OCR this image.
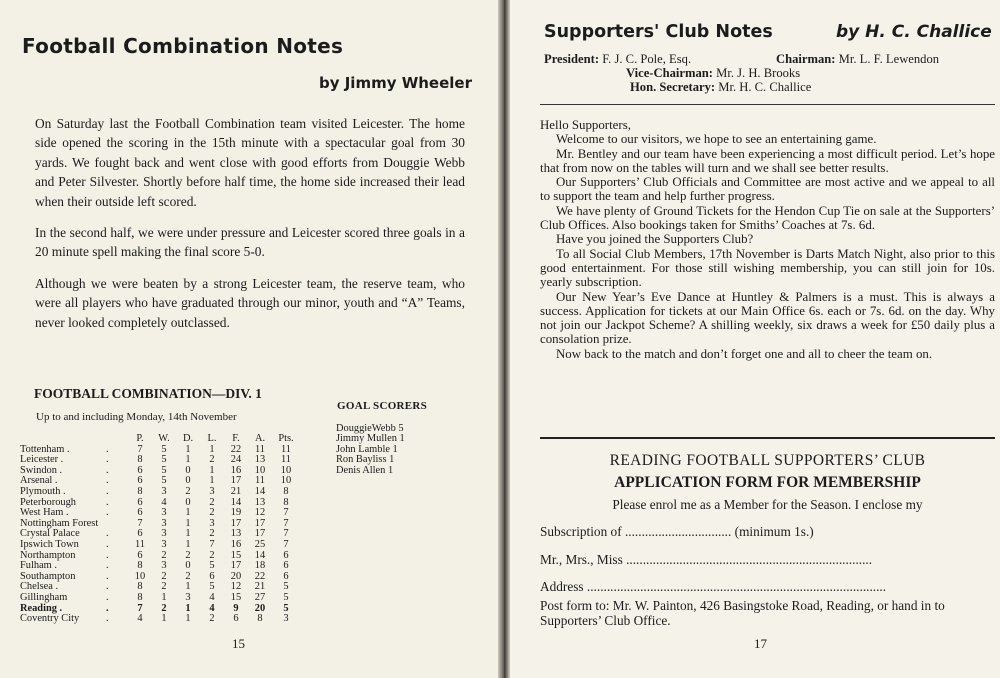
Football Combination Notes
by Jimmy Wheeler

On Saturday last the Football Combination team visited Leicester. The home side opened the scoring in the 15th minute with a spectacular goal from 30 yards. We fought back and went close with good efforts from Douggie Webb and Peter Silvester. Shortly before half time, the home side increased their lead when their outside left scored.

In the second half, we were under pressure and Leicester scored three goals in a 20 minute spell making the final score 5-0.

Although we were beaten by a strong Leicester team, the reserve team, who were all players who have graduated through our minor, youth and “A” Teams, never looked completely outclassed.

FOOTBALL COMBINATION—DIV. 1
Up to and including Monday, 14th November
		P.	W.	D.	L.	F.	A.	Pts.
Tottenham .	.	7	5	1	1	22	11	11
Leicester .	.	8	5	1	2	24	13	11
Swindon .	.	6	5	0	1	16	10	10
Arsenal .	.	6	5	0	1	17	11	10
Plymouth .	.	8	3	2	3	21	14	8
Peterborough	.	6	4	0	2	14	13	8
West Ham .	.	6	3	1	2	19	12	7
Nottingham Forest		7	3	1	3	17	17	7
Crystal Palace	.	6	3	1	2	13	17	7
Ipswich Town	.	11	3	1	7	16	25	7
Northampton	.	6	2	2	2	15	14	6
Fulham .	.	8	3	0	5	17	18	6
Southampton	.	10	2	2	6	20	22	6
Chelsea .	.	8	2	1	5	12	21	5
Gillingham	.	8	1	3	4	15	27	5
Reading .	.	7	2	1	4	9	20	5
Coventry City	.	4	1	1	2	6	8	3
GOAL SCORERS
DouggieWebb 5
Jimmy Mullen 1
John Lamble 1
Ron Bayliss 1
Denis Allen 1
15
Supporters' Club Notes	by H. C. Challice
President: F. J. C. Pole, Esq.	Chairman: Mr. L. F. Lewendon
Vice-Chairman: Mr. J. H. Brooks
Hon. Secretary: Mr. H. C. Challice

Hello Supporters,

Welcome to our visitors, we hope to see an entertaining game.

Mr. Bentley and our team have been experiencing a most difficult period. Let’s hope that from now on the tables will turn and we shall see better results.

Our Supporters’ Club Officials and Committee are most active and we appeal to all to support the team and help further progress.

We have plenty of Ground Tickets for the Hendon Cup Tie on sale at the Supporters’ Club Offices. Also bookings taken for Smiths’ Coaches at 7s. 6d.

Have you joined the Supporters Club?

To all Social Club Members, 17th November is Darts Match Night, also prior to this good entertainment. For those still wishing membership, you can still join for 10s. yearly subscription.

Our New Year’s Eve Dance at Huntley & Palmers is a must. This is always a success. Application for tickets at our Main Office 6s. each or 7s. 6d. on the day. Why not join our Jackpot Scheme? A shilling weekly, six draws a week for £50 daily plus a consolation prize.

Now back to the match and don’t forget one and all to cheer the team on.

READING FOOTBALL SUPPORTERS’ CLUB
APPLICATION FORM FOR MEMBERSHIP
Please enrol me as a Member for the Season. I enclose my
Subscription of ................................ (minimum 1s.)
Mr., Mrs., Miss ..........................................................................
Address ..........................................................................................
Post form to: Mr. W. Painton, 426 Basingstoke Road, Reading, or hand in to Supporters’ Club Office.
17
